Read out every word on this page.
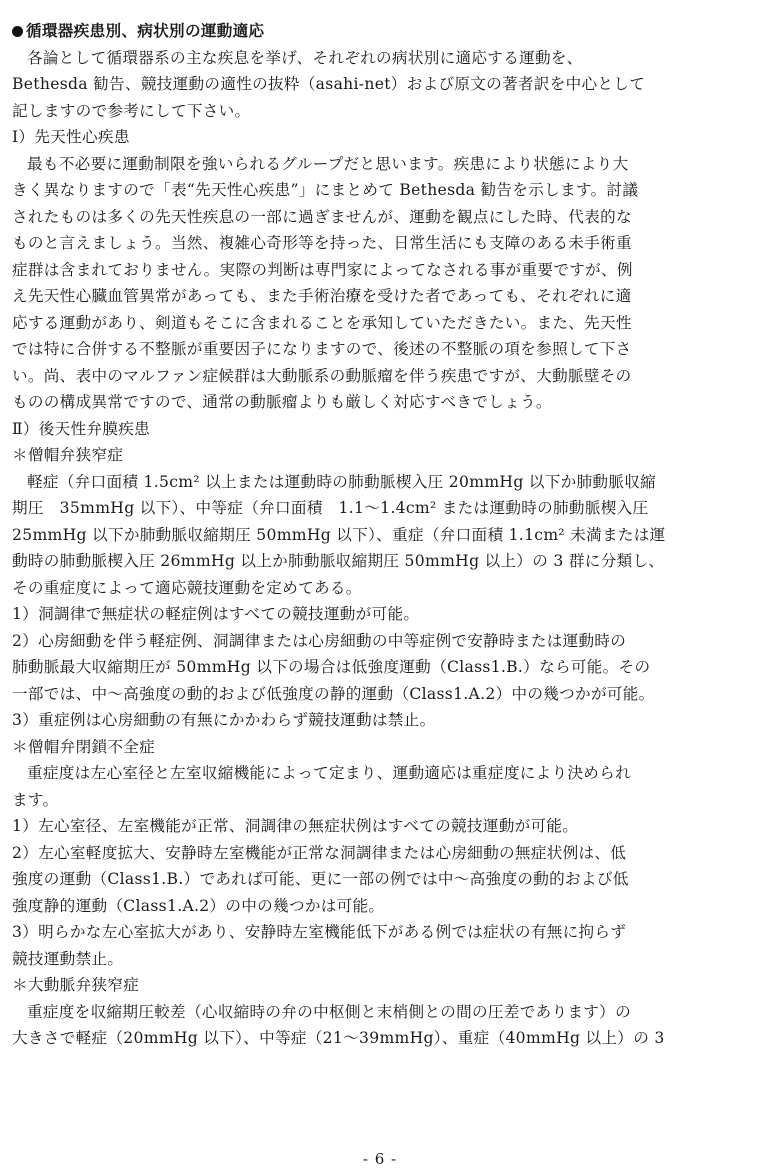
循環器疾患別、病状別の運動適応
各論として循環器系の主な疾息を挙げ、それぞれの病状別に適応する運動を、
Bethesda 勧告、競技運動の適性の抜粋（asahi-net）および原文の著者訳を中心として
記しますので参考にして下さい。
Ⅰ）先天性心疾患
最も不必要に運動制限を強いられるグループだと思います。疾患により状態により大
きく異なりますので「表“先天性心疾患”」にまとめて Bethesda 勧告を示します。討議
されたものは多くの先天性疾息の一部に過ぎませんが、運動を観点にした時、代表的な
ものと言えましょう。当然、複雑心奇形等を持った、日常生活にも支障のある未手術重
症群は含まれておりません。実際の判断は専門家によってなされる事が重要ですが、例
え先天性心臓血管異常があっても、また手術治療を受けた者であっても、それぞれに適
応する運動があり、剣道もそこに含まれることを承知していただきたい。また、先天性
では特に合併する不整脈が重要因子になりますので、後述の不整脈の項を参照して下さ
い。尚、表中のマルファン症候群は大動脈系の動脈瘤を伴う疾患ですが、大動脈壁その
ものの構成異常ですので、通常の動脈瘤よりも厳しく対応すべきでしょう。
Ⅱ）後天性弁膜疾患
＊僧帽弁狭窄症
軽症（弁口面積 1.5cm² 以上または運動時の肺動脈楔入圧 20mmHg 以下か肺動脈収縮
期圧　35mmHg 以下）、中等症（弁口面積　1.1～1.4cm² または運動時の肺動脈楔入圧
25mmHg 以下か肺動脈収縮期圧 50mmHg 以下）、重症（弁口面積 1.1cm² 未満または運
動時の肺動脈楔入圧 26mmHg 以上か肺動脈収縮期圧 50mmHg 以上）の 3 群に分類し、
その重症度によって適応競技運動を定めてある。
1）洞調律で無症状の軽症例はすべての競技運動が可能。
2）心房細動を伴う軽症例、洞調律または心房細動の中等症例で安静時または運動時の
肺動脈最大収縮期圧が 50mmHg 以下の場合は低強度運動（Class1.B.）なら可能。その
一部では、中～高強度の動的および低強度の静的運動（Class1.A.2）中の幾つかが可能。
3）重症例は心房細動の有無にかかわらず競技運動は禁止。
＊僧帽弁閉鎖不全症
重症度は左心室径と左室収縮機能によって定まり、運動適応は重症度により決められ
ます。
1）左心室径、左室機能が正常、洞調律の無症状例はすべての競技運動が可能。
2）左心室軽度拡大、安静時左室機能が正常な洞調律または心房細動の無症状例は、低
強度の運動（Class1.B.）であれば可能、更に一部の例では中～高強度の動的および低
強度静的運動（Class1.A.2）の中の幾つかは可能。
3）明らかな左心室拡大があり、安静時左室機能低下がある例では症状の有無に拘らず
競技運動禁止。
＊大動脈弁狭窄症
重症度を収縮期圧較差（心収縮時の弁の中枢側と末梢側との間の圧差であります）の
大きさで軽症（20mmHg 以下）、中等症（21～39mmHg）、重症（40mmHg 以上）の 3
- 6 -
